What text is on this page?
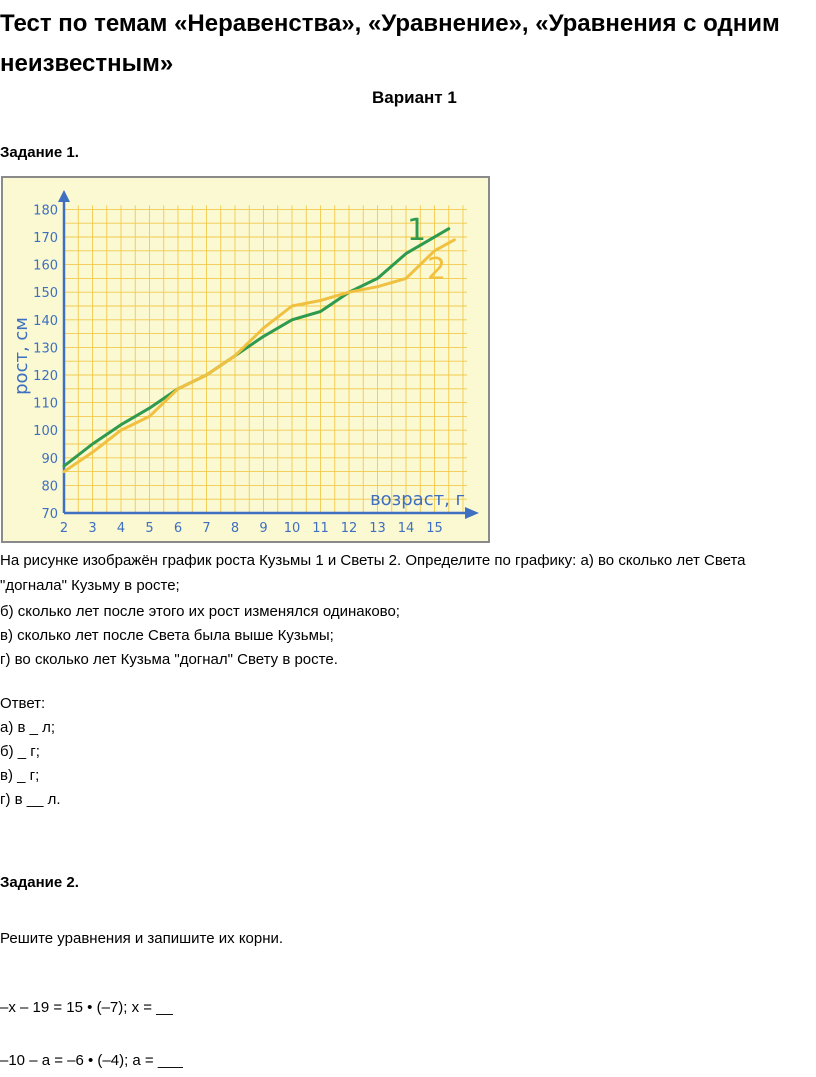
Тест по темам «Неравенства», «Уравнение», «Уравнения с одним неизвестным»
Вариант 1
Задание 1.
70
80
90
100
110
120
130
140
150
160
170
180
2 3 4 5 6 7 8 9 10 11 12 13 14 15
возраст, г
рост, см
1
2
На рисунке изображён график роста Кузьмы 1 и Светы 2. Определите по графику: а) во сколько лет Света "догнала" Кузьму в росте;
б) сколько лет после этого их рост изменялся одинаково;
в) сколько лет после Света была выше Кузьмы;
г) во сколько лет Кузьма "догнал" Свету в росте.
Ответ:
а) в _ л;
б) _ г;
в) _ г;
г) в __ л.
Задание 2.
Решите уравнения и запишите их корни.
–x – 19 = 15 • (–7); x = __
–10 – a = –6 • (–4); a = ___
